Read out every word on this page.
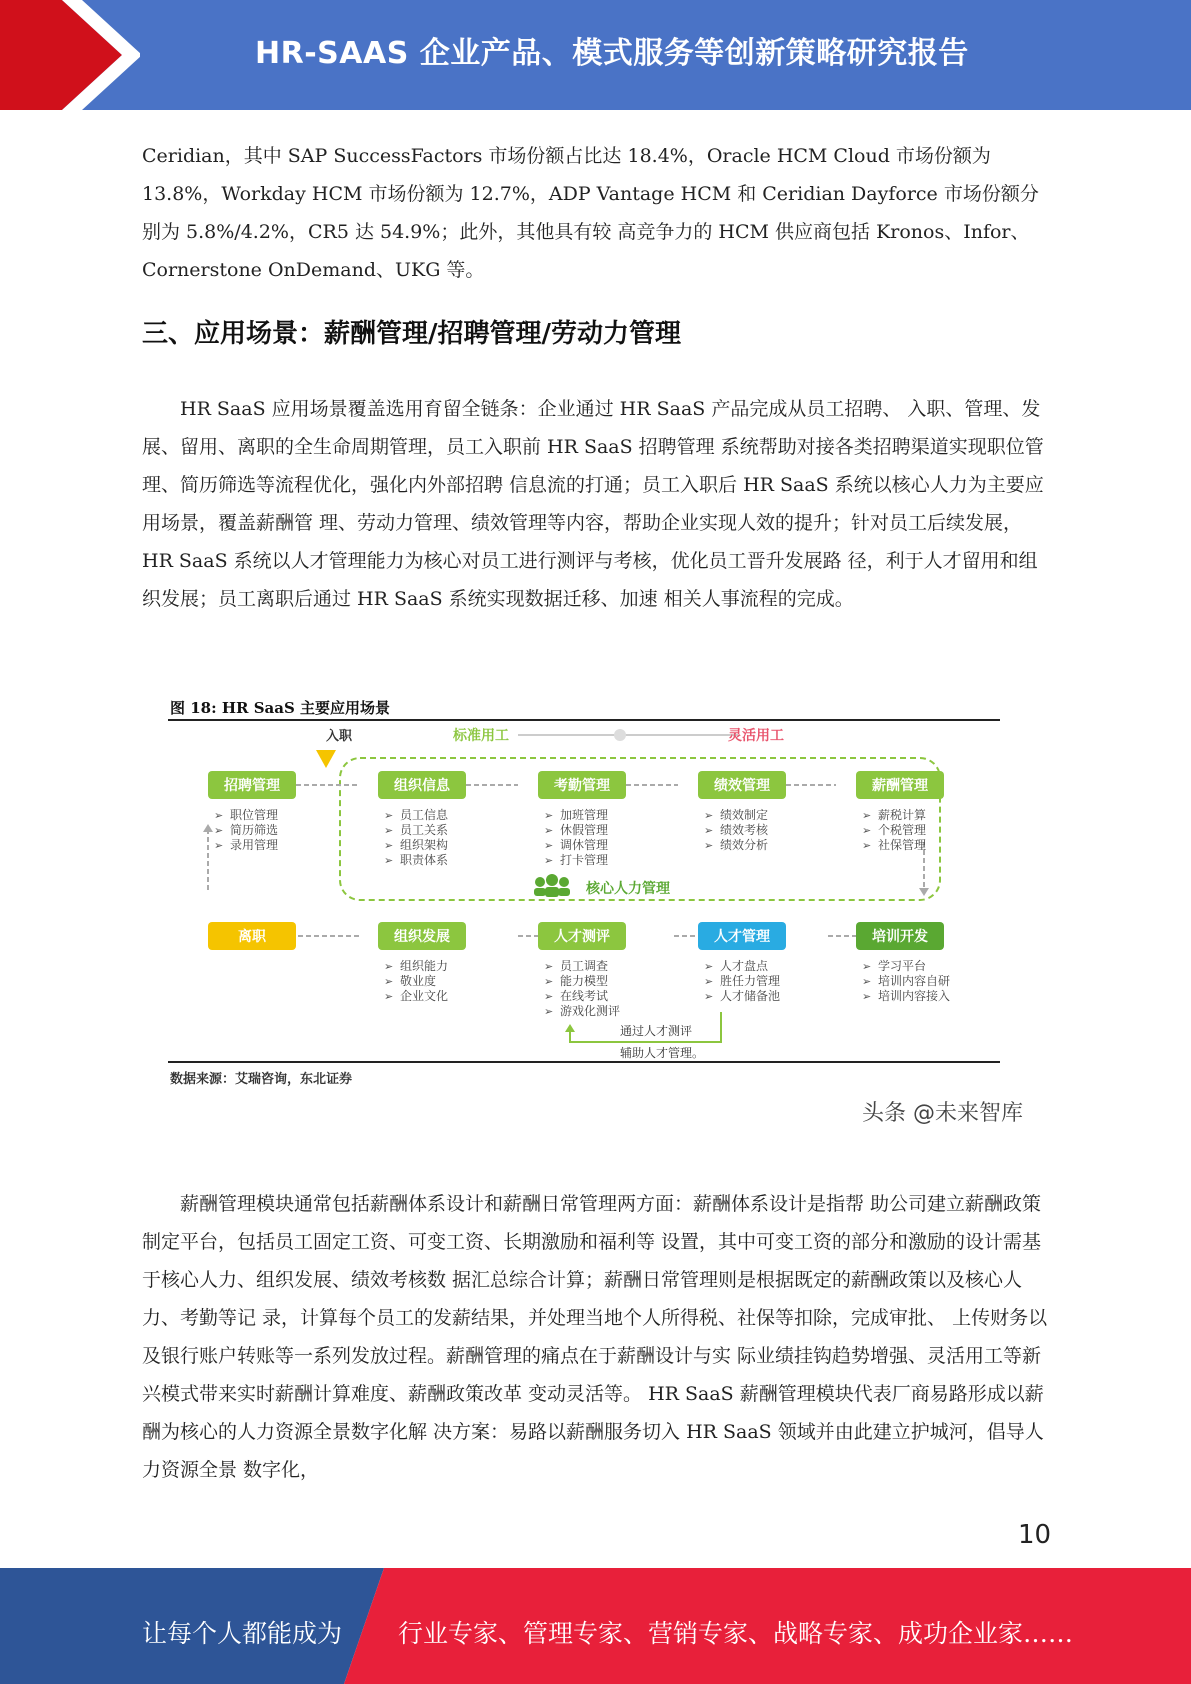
HR-SAAS 企业产品、模式服务等创新策略研究报告

Ceridian，其中 SAP SuccessFactors 市场份额占比达 18.4%，Oracle HCM Cloud 市场份额为 13.8%，Workday HCM 市场份额为 12.7%，ADP Vantage HCM 和 Ceridian Dayforce 市场份额分别为 5.8%/4.2%，CR5 达 54.9%；此外，其他具有较 高竞争力的 HCM 供应商包括 Kronos、Infor、Cornerstone OnDemand、UKG 等。

三、应用场景：薪酬管理/招聘管理/劳动力管理

HR SaaS 应用场景覆盖选用育留全链条：企业通过 HR SaaS 产品完成从员工招聘、 入职、管理、发展、留用、离职的全生命周期管理，员工入职前 HR SaaS 招聘管理 系统帮助对接各类招聘渠道实现职位管理、简历筛选等流程优化，强化内外部招聘 信息流的打通；员工入职后 HR SaaS 系统以核心人力为主要应用场景，覆盖薪酬管 理、劳动力管理、绩效管理等内容，帮助企业实现人效的提升；针对员工后续发展， HR SaaS 系统以人才管理能力为核心对员工进行测评与考核，优化员工晋升发展路 径，利于人才留用和组织发展；员工离职后通过 HR SaaS 系统实现数据迁移、加速 相关人事流程的完成。

图 18: HR SaaS 主要应用场景
入职	标准用工	灵活用工
核心人力管理
通过人才测评
辅助人才管理。
招聘管理
➢ 职位管理
➢ 简历筛选
➢ 录用管理
组织信息
➢ 员工信息
➢ 员工关系
➢ 组织架构
➢ 职责体系
考勤管理
➢ 加班管理
➢ 休假管理
➢ 调休管理
➢ 打卡管理
绩效管理
➢ 绩效制定
➢ 绩效考核
➢ 绩效分析
薪酬管理
➢ 薪税计算
➢ 个税管理
➢ 社保管理
离职	组织发展
➢ 组织能力
➢ 敬业度
➢ 企业文化
人才测评
➢ 员工调查
➢ 能力模型
➢ 在线考试
➢ 游戏化测评
人才管理
➢ 人才盘点
➢ 胜任力管理
➢ 人才储备池
培训开发
➢ 学习平台
➢ 培训内容自研
➢ 培训内容接入
数据来源：艾瑞咨询，东北证券
头条 @未来智库

薪酬管理模块通常包括薪酬体系设计和薪酬日常管理两方面：薪酬体系设计是指帮 助公司建立薪酬政策制定平台，包括员工固定工资、可变工资、长期激励和福利等 设置，其中可变工资的部分和激励的设计需基于核心人力、组织发展、绩效考核数 据汇总综合计算；薪酬日常管理则是根据既定的薪酬政策以及核心人力、考勤等记 录，计算每个员工的发薪结果，并处理当地个人所得税、社保等扣除，完成审批、 上传财务以及银行账户转账等一系列发放过程。薪酬管理的痛点在于薪酬设计与实 际业绩挂钩趋势增强、灵活用工等新兴模式带来实时薪酬计算难度、薪酬政策改革 变动灵活等。 HR SaaS 薪酬管理模块代表厂商易路形成以薪酬为核心的人力资源全景数字化解 决方案：易路以薪酬服务切入 HR SaaS 领域并由此建立护城河，倡导人力资源全景 数字化，

10
让每个人都能成为 行业专家、管理专家、营销专家、战略专家、成功企业家……
